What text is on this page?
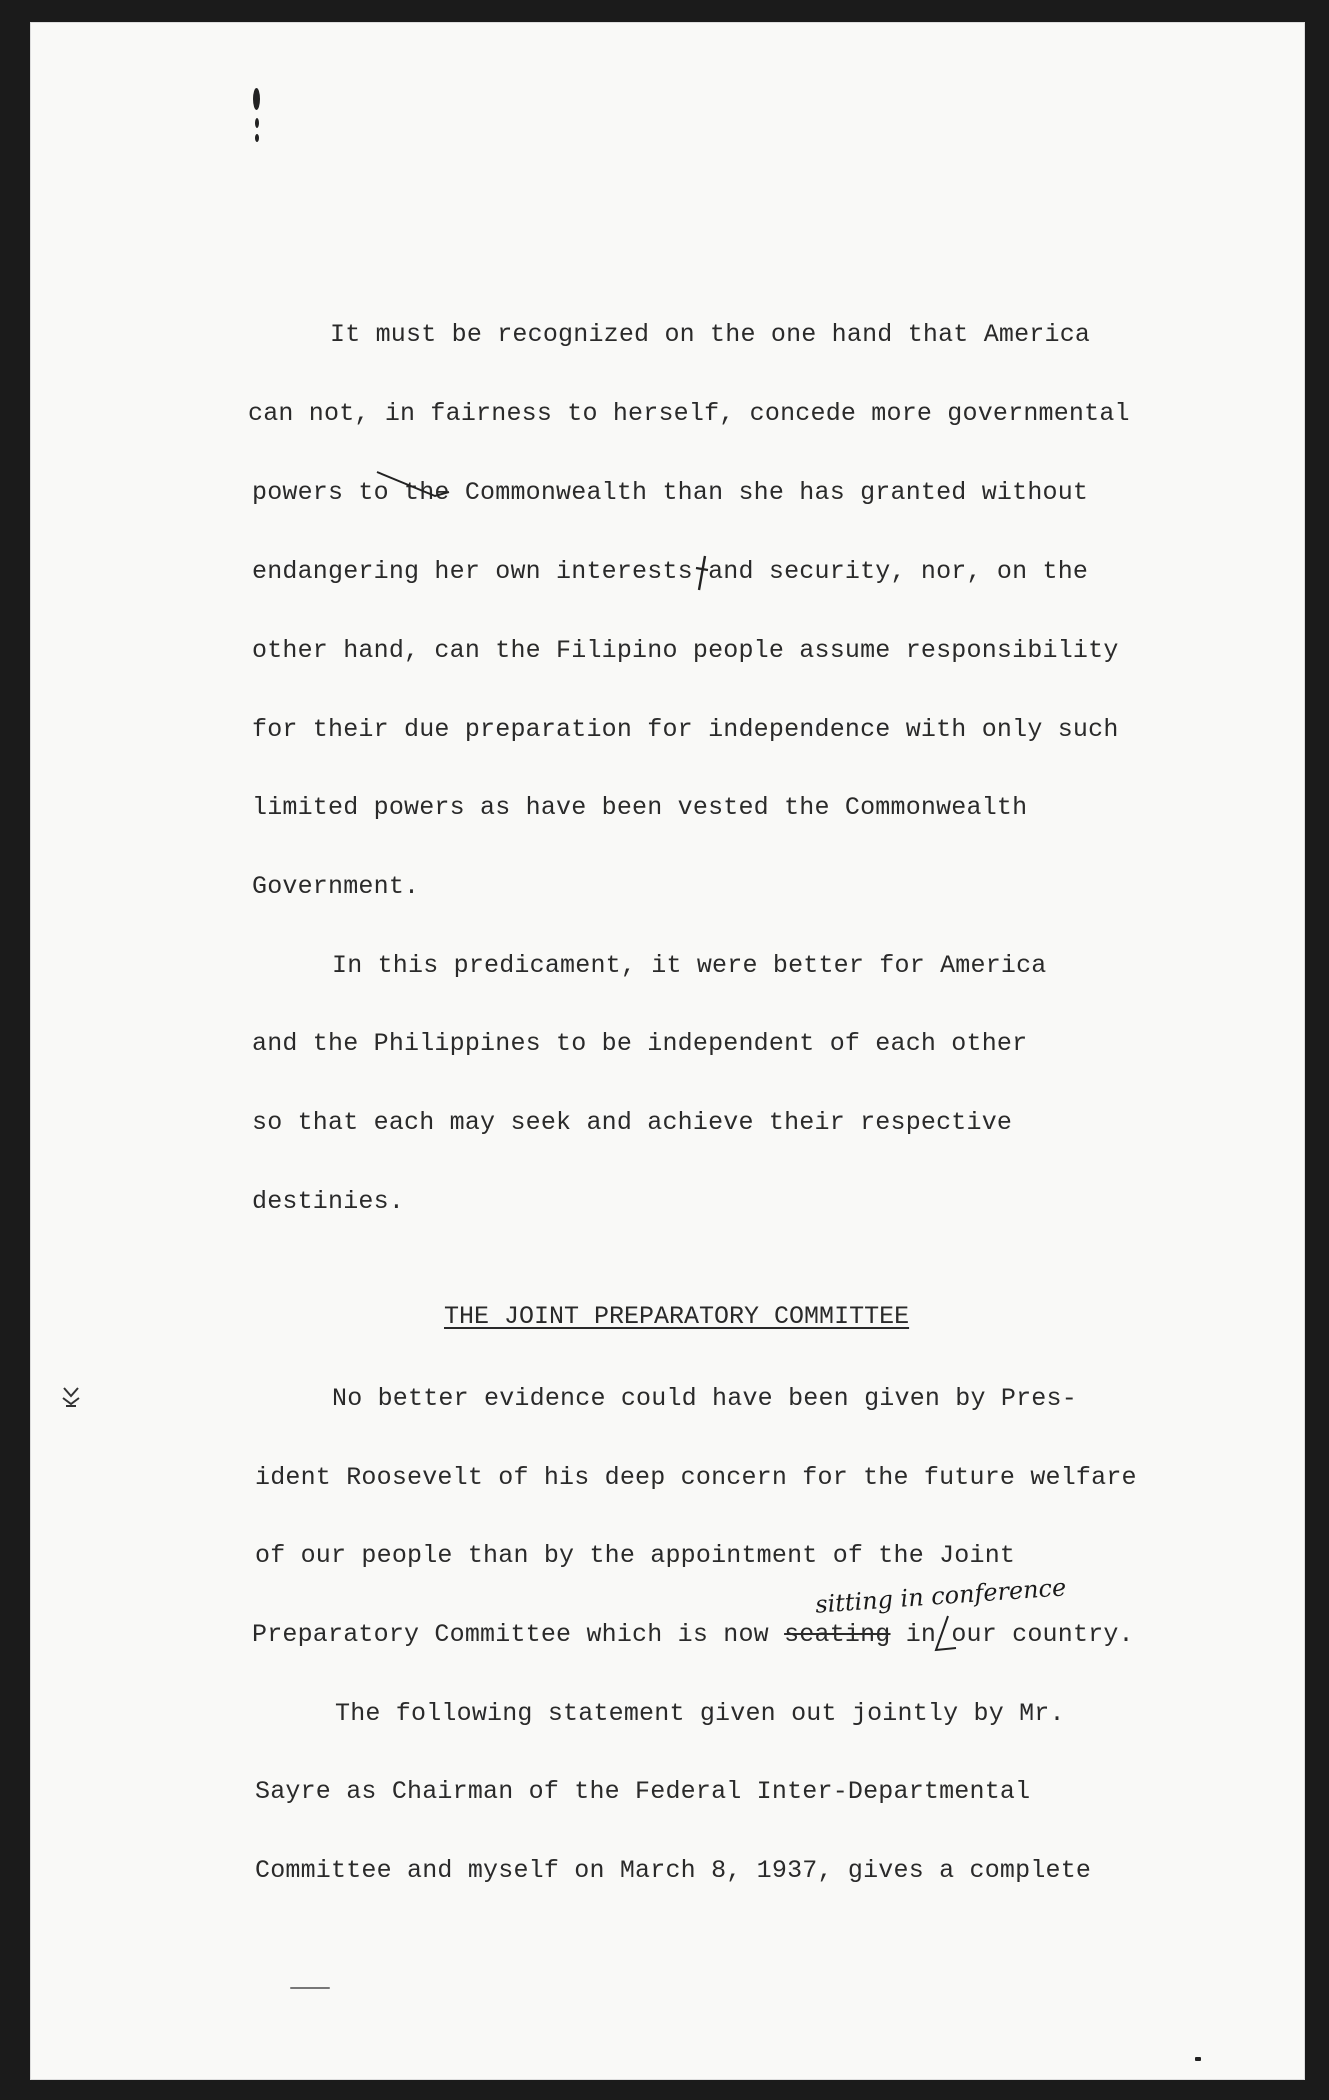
It must be recognized on the one hand that America
can not, in fairness to herself, concede more governmental
powers to the Commonwealth than she has granted without
endangering her own interests and security, nor, on the
other hand, can the Filipino people assume responsibility
for their due preparation for independence with only such
limited powers as have been vested the Commonwealth
Government.
In this predicament, it were better for America
and the Philippines to be independent of each other
so that each may seek and achieve their respective
destinies.
THE JOINT PREPARATORY COMMITTEE
No better evidence could have been given by Pres-
ident Roosevelt of his deep concern for the future welfare
of our people than by the appointment of the Joint
Preparatory Committee which is now seating in our country.
sitting in conference
The following statement given out jointly by Mr.
Sayre as Chairman of the Federal Inter-Departmental
Committee and myself on March 8, 1937, gives a complete
